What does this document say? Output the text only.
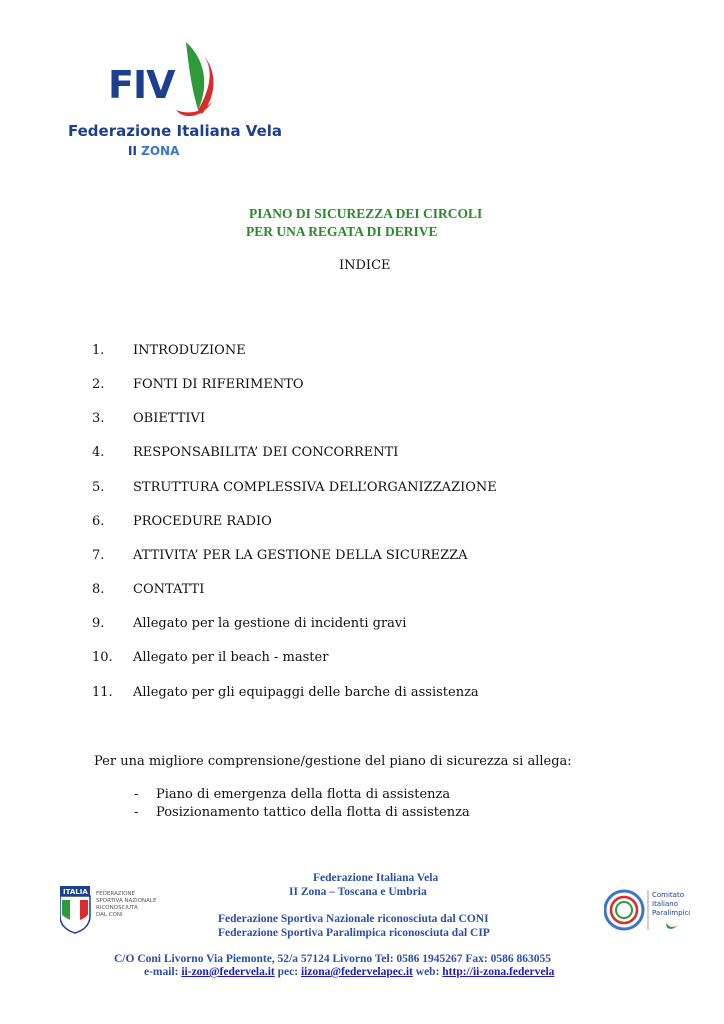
FIV
Federazione Italiana Vela
II ZONA
PIANO DI SICUREZZA DEI CIRCOLI
PER UNA REGATA DI DERIVE
INDICE
1. INTRODUZIONE
2. FONTI DI RIFERIMENTO
3. OBIETTIVI
4. RESPONSABILITA’ DEI CONCORRENTI
5. STRUTTURA COMPLESSIVA DELL’ORGANIZZAZIONE
6. PROCEDURE RADIO
7. ATTIVITA’ PER LA GESTIONE DELLA SICUREZZA
8. CONTATTI
9. Allegato per la gestione di incidenti gravi
10. Allegato per il beach - master
11. Allegato per gli equipaggi delle barche di assistenza
Per una migliore comprensione/gestione del piano di sicurezza si allega:
- Piano di emergenza della flotta di assistenza
- Posizionamento tattico della flotta di assistenza
ITALIA FEDERAZIONE
SPORTIVA NAZIONALE
RICONOSCIUTA
DAL CONI
Comitato
Italiano
Paralimpico
Federazione Italiana Vela
II Zona – Toscana e Umbria
Federazione Sportiva Nazionale riconosciuta dal CONI
Federazione Sportiva Paralimpica riconosciuta dal CIP
C/O Coni Livorno Via Piemonte, 52/a 57124 Livorno Tel: 0586 1945267 Fax: 0586 863055
e-mail: ii-zon@federvela.it pec: iizona@federvelapec.it web: http://ii-zona.federvela
